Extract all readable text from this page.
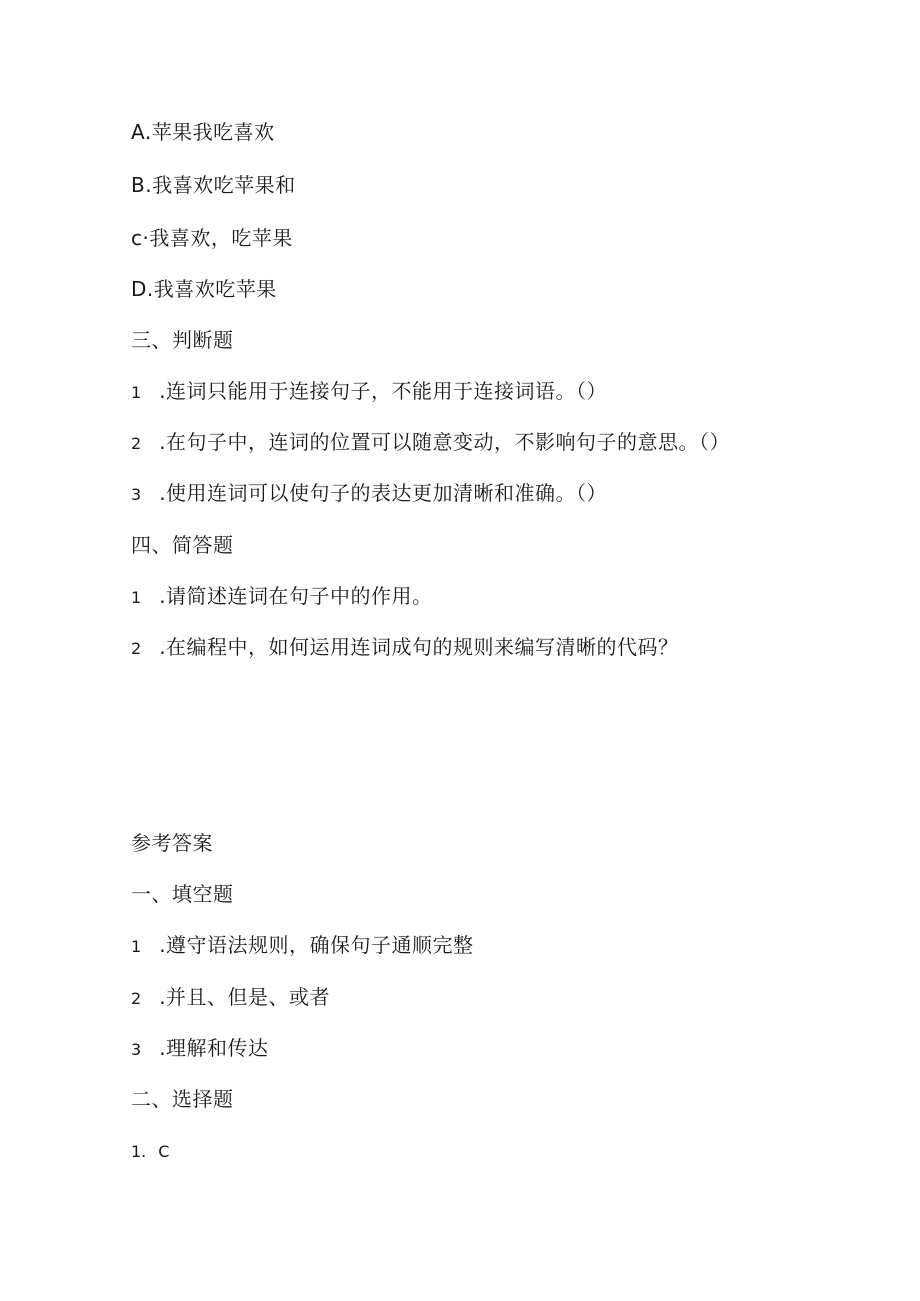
A.苹果我吃喜欢
B.我喜欢吃苹果和
c·我喜欢，吃苹果
D.我喜欢吃苹果
三、判断题
1 .连词只能用于连接句子，不能用于连接词语。（）
2 .在句子中，连词的位置可以随意变动，不影响句子的意思。（）
3 .使用连词可以使句子的表达更加清晰和准确。（）
四、简答题
1 .请简述连词在句子中的作用。
2 .在编程中，如何运用连词成句的规则来编写清晰的代码？
参考答案
一、填空题
1 .遵守语法规则，确保句子通顺完整
2 .并且、但是、或者
3 .理解和传达
二、选择题
1. C
